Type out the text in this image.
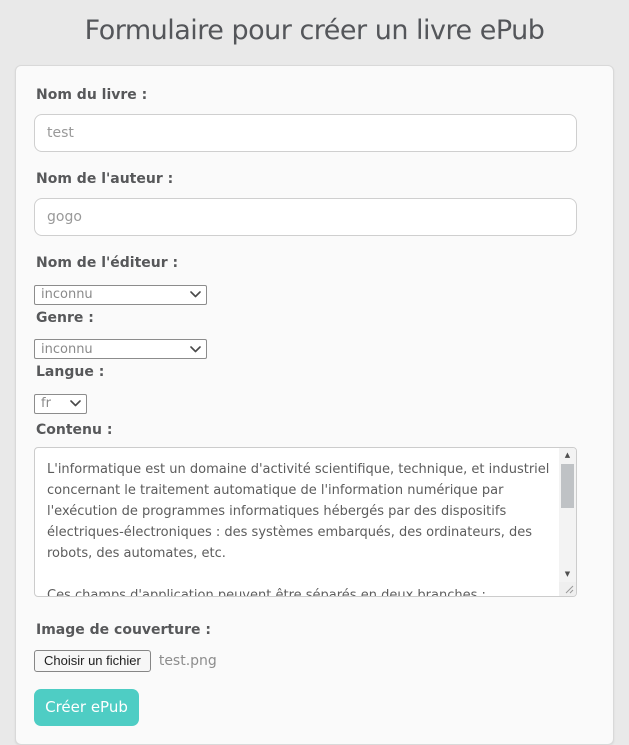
Formulaire pour créer un livre ePub
Nom du livre :
test
Nom de l'auteur :
gogo
Nom de l'éditeur :
inconnu
Genre :
inconnu
Langue :
fr
Contenu :
L'informatique est un domaine d'activité scientifique, technique, et industriel concernant le traitement automatique de l'information numérique par l'exécution de programmes informatiques hébergés par des dispositifs électriques-électroniques : des systèmes embarqués, des ordinateurs, des robots, des automates, etc. Ces champs d'application peuvent être séparés en deux branches :
▲
▼
Image de couverture :
Choisir un fichier	test.png
Créer ePub
